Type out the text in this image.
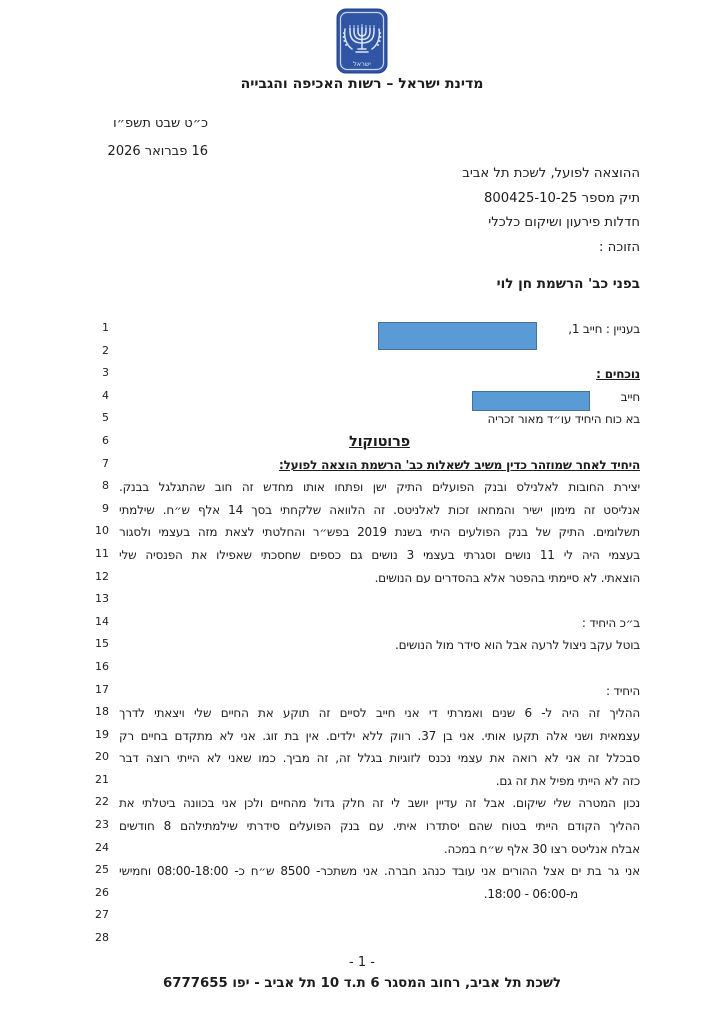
ישראל
מדינת ישראל – רשות האכיפה והגבייה
כ״ט שבט תשפ״ו
16 פברואר 2026
ההוצאה לפועל, לשכת תל אביב
תיק מספר 800425-10-25
חדלות פירעון ושיקום כלכלי
הזוכה :
בפני כב' הרשמת חן לוי
1	בעניין : חייב 1,
2
3	נוכחים :
4	חייב
5	בא כוח היחיד עו״ד מאור זכריה
6	פרוטוקול
7	היחיד לאחר שמוזהר כדין משיב לשאלות כב' הרשמת הוצאה לפועל:
8 יצירת החובות לאלנילס ובנק הפועלים התיק ישן ופתחו אותו מחדש זה חוב שהתגלגל בבנק.
9 אנליסט זה מימון ישיר והמחאו זכות לאלניטס. זה הלוואה שלקחתי בסך 14 אלף ש״ח. שילמתי
10 תשלומים. התיק של בנק הפולעים היתי בשנת 2019 בפש״ר והחלטתי לצאת מזה בעצמי ולסגור
11 בעצמי היה לי 11 נושים וסגרתי בעצמי 3 נושים גם כספים שחסכתי שאפילו את הפנסיה שלי
12	הוצאתי. לא סיימתי בהפטר אלא בהסדרים עם הנושים.
13
14	ב״כ היחיד :
15	בוטל עקב ניצול לרעה אבל הוא סידר מול הנושים.
16
17	היחיד :
18 ההליך זה היה ל- 6 שנים ואמרתי די אני חייב לסיים זה תוקע את החיים שלי ויצאתי לדרך
19 עצמאית ושני אלה תקעו אותי. אני בן 37. רווק ללא ילדים. אין בת זוג. אני לא מתקדם בחיים רק
20 סבכלל זה אני לא רואה את עצמי נכנס לזוגיות בגלל זה, זה מביך. כמו שאני לא הייתי רוצה דבר
21	כזה לא הייתי מפיל את זה גם.
22 נכון המטרה שלי שיקום. אבל זה עדיין יושב לי זה חלק גדול מהחיים ולכן אני בכוונה ביטלתי את
23 ההליך הקודם הייתי בטוח שהם יסתדרו איתי. עם בנק הפועלים סידרתי שילמתילהם 8 חודשים
24	אבלח אנליטס רצו 30 אלף ש״ח במכה.
25 אני גר בת ים אצל ההורים אני עובד כנהג חברה. אני משתכר- 8500 ש״ח כ- 08:00-18:00 וחמישי
26	מ-06:00 - 18:00.
27
28
- 1 -
לשכת תל אביב, רחוב המסגר 6 ת.ד 10 תל אביב - יפו 6777655
